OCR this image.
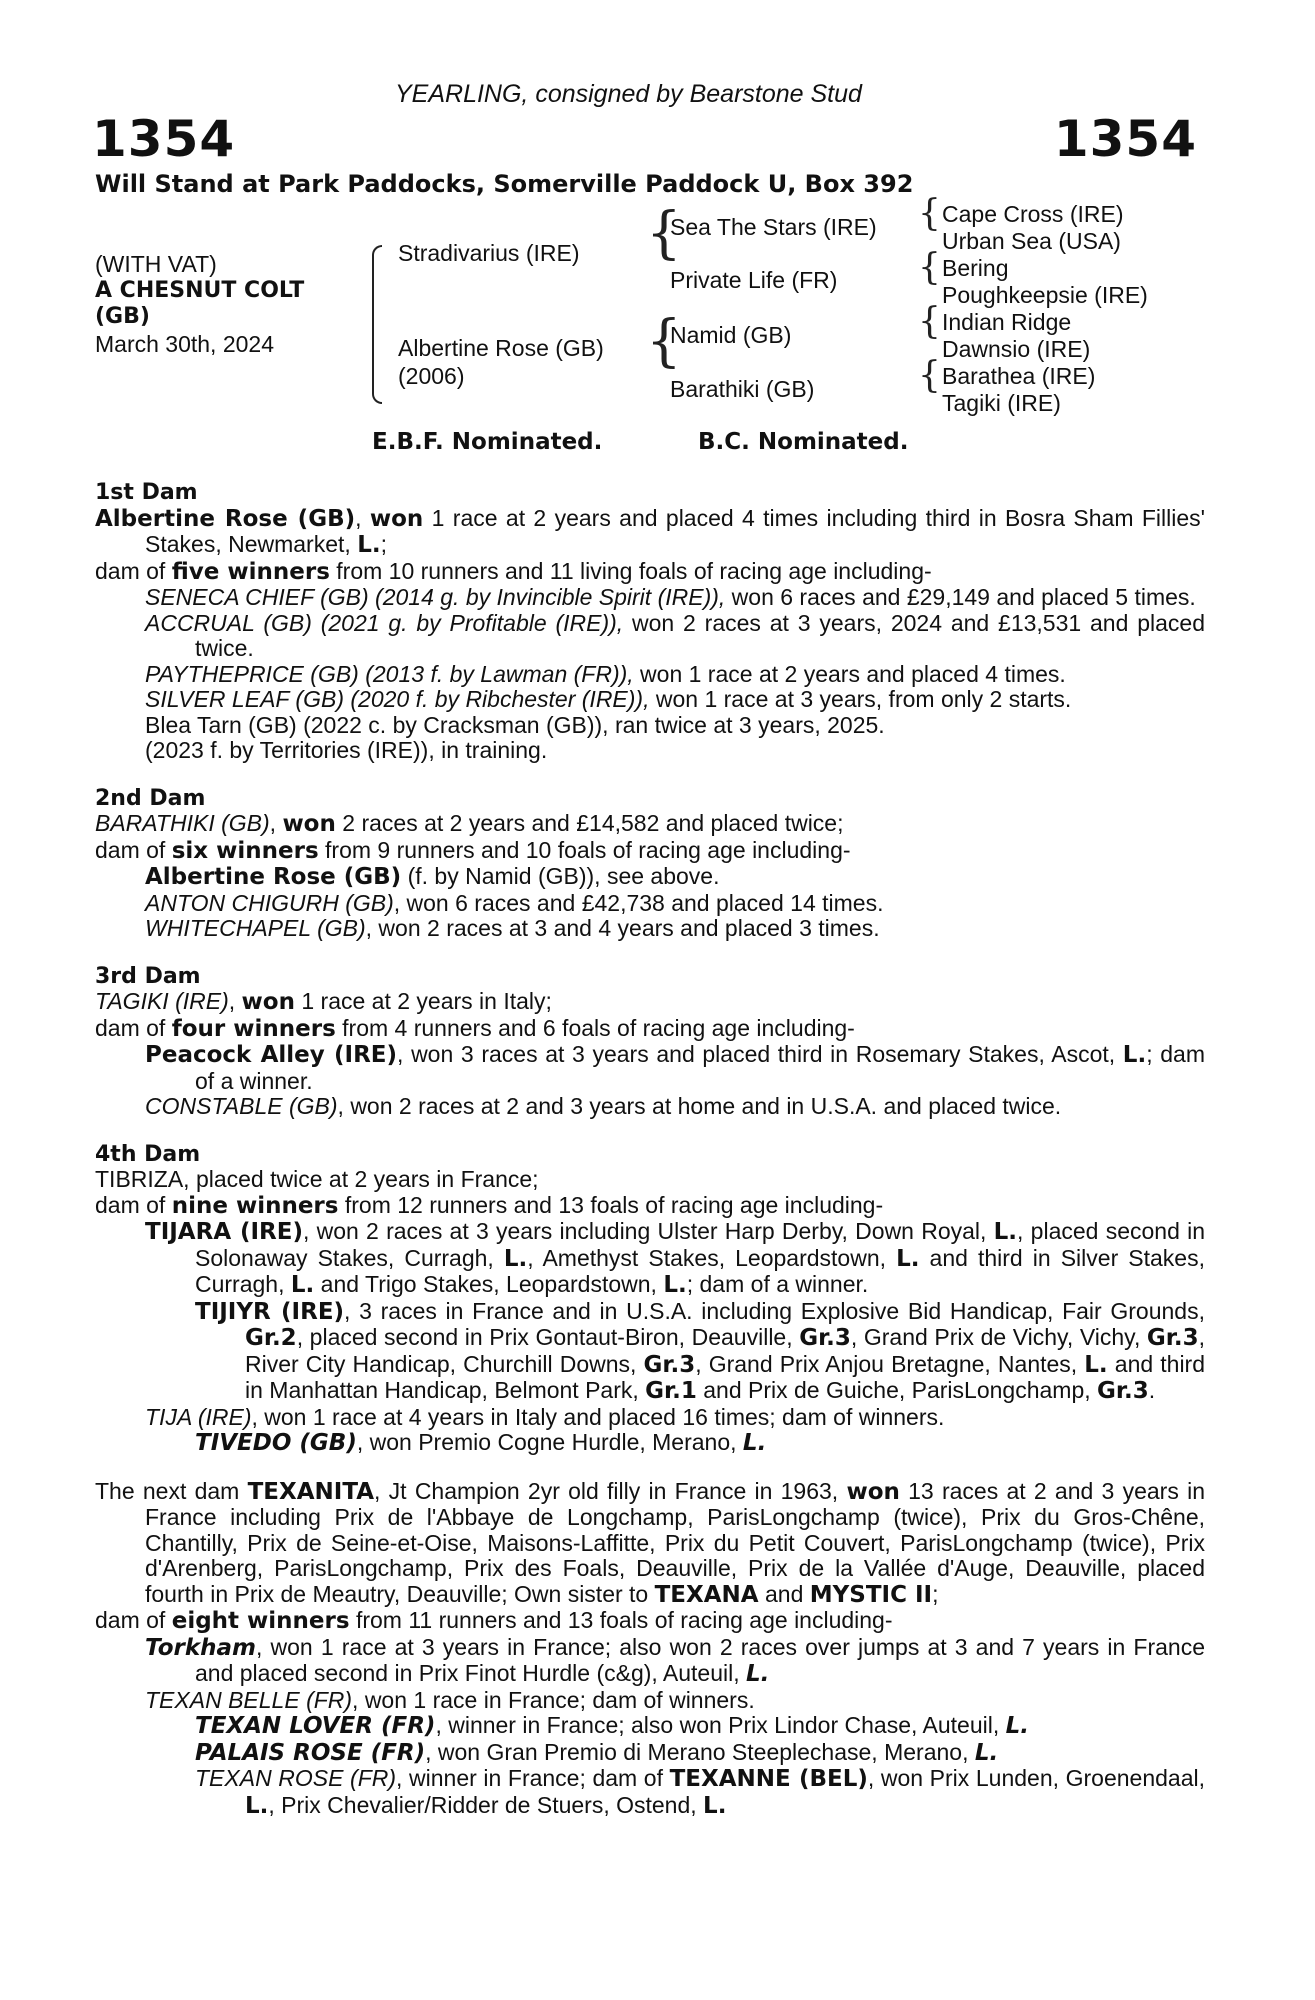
YEARLING, consigned by Bearstone Stud
1354	1354
Will Stand at Park Paddocks, Somerville Paddock U, Box 392
(WITH VAT)
A CHESNUT COLT
(GB)
March 30th, 2024
{
{
{
{
{
{
Stradivarius (IRE)
Albertine Rose (GB)
(2006)
Sea The Stars (IRE)
Private Life (FR)
Namid (GB)
Barathiki (GB)
Cape Cross (IRE)
Urban Sea (USA)
Bering
Poughkeepsie (IRE)
Indian Ridge
Dawnsio (IRE)
Barathea (IRE)
Tagiki (IRE)
E.B.F. Nominated.	B.C. Nominated.
1st Dam

Albertine Rose (GB), won 1 race at 2 years and placed 4 times including third in Bosra Sham Fillies' Stakes, Newmarket, L.;

dam of five winners from 10 runners and 11 living foals of racing age including-

SENECA CHIEF (GB) (2014 g. by Invincible Spirit (IRE)), won 6 races and £29,149 and placed 5 times.

ACCRUAL (GB) (2021 g. by Profitable (IRE)), won 2 races at 3 years, 2024 and £13,531 and placed twice.

PAYTHEPRICE (GB) (2013 f. by Lawman (FR)), won 1 race at 2 years and placed 4 times.

SILVER LEAF (GB) (2020 f. by Ribchester (IRE)), won 1 race at 3 years, from only 2 starts.

Blea Tarn (GB) (2022 c. by Cracksman (GB)), ran twice at 3 years, 2025.

(2023 f. by Territories (IRE)), in training.

2nd Dam

BARATHIKI (GB), won 2 races at 2 years and £14,582 and placed twice;

dam of six winners from 9 runners and 10 foals of racing age including-

Albertine Rose (GB) (f. by Namid (GB)), see above.

ANTON CHIGURH (GB), won 6 races and £42,738 and placed 14 times.

WHITECHAPEL (GB), won 2 races at 3 and 4 years and placed 3 times.

3rd Dam

TAGIKI (IRE), won 1 race at 2 years in Italy;

dam of four winners from 4 runners and 6 foals of racing age including-

Peacock Alley (IRE), won 3 races at 3 years and placed third in Rosemary Stakes, Ascot, L.; dam of a winner.

CONSTABLE (GB), won 2 races at 2 and 3 years at home and in U.S.A. and placed twice.

4th Dam

TIBRIZA, placed twice at 2 years in France;

dam of nine winners from 12 runners and 13 foals of racing age including-

TIJARA (IRE), won 2 races at 3 years including Ulster Harp Derby, Down Royal, L., placed second in Solonaway Stakes, Curragh, L., Amethyst Stakes, Leopardstown, L. and third in Silver Stakes, Curragh, L. and Trigo Stakes, Leopardstown, L.; dam of a winner.

TIJIYR (IRE), 3 races in France and in U.S.A. including Explosive Bid Handicap, Fair Grounds, Gr.2, placed second in Prix Gontaut-Biron, Deauville, Gr.3, Grand Prix de Vichy, Vichy, Gr.3, River City Handicap, Churchill Downs, Gr.3, Grand Prix Anjou Bretagne, Nantes, L. and third in Manhattan Handicap, Belmont Park, Gr.1 and Prix de Guiche, ParisLongchamp, Gr.3.

TIJA (IRE), won 1 race at 4 years in Italy and placed 16 times; dam of winners.

TIVEDO (GB), won Premio Cogne Hurdle, Merano, L.

The next dam TEXANITA, Jt Champion 2yr old filly in France in 1963, won 13 races at 2 and 3 years in France including Prix de l'Abbaye de Longchamp, ParisLongchamp (twice), Prix du Gros-Chêne, Chantilly, Prix de Seine-et-Oise, Maisons-Laffitte, Prix du Petit Couvert, ParisLongchamp (twice), Prix d'Arenberg, ParisLongchamp, Prix des Foals, Deauville, Prix de la Vallée d'Auge, Deauville, placed fourth in Prix de Meautry, Deauville; Own sister to TEXANA and MYSTIC II;

dam of eight winners from 11 runners and 13 foals of racing age including-

Torkham, won 1 race at 3 years in France; also won 2 races over jumps at 3 and 7 years in France and placed second in Prix Finot Hurdle (c&g), Auteuil, L.

TEXAN BELLE (FR), won 1 race in France; dam of winners.

TEXAN LOVER (FR), winner in France; also won Prix Lindor Chase, Auteuil, L.

PALAIS ROSE (FR), won Gran Premio di Merano Steeplechase, Merano, L.

TEXAN ROSE (FR), winner in France; dam of TEXANNE (BEL), won Prix Lunden, Groenendaal, L., Prix Chevalier/Ridder de Stuers, Ostend, L.
